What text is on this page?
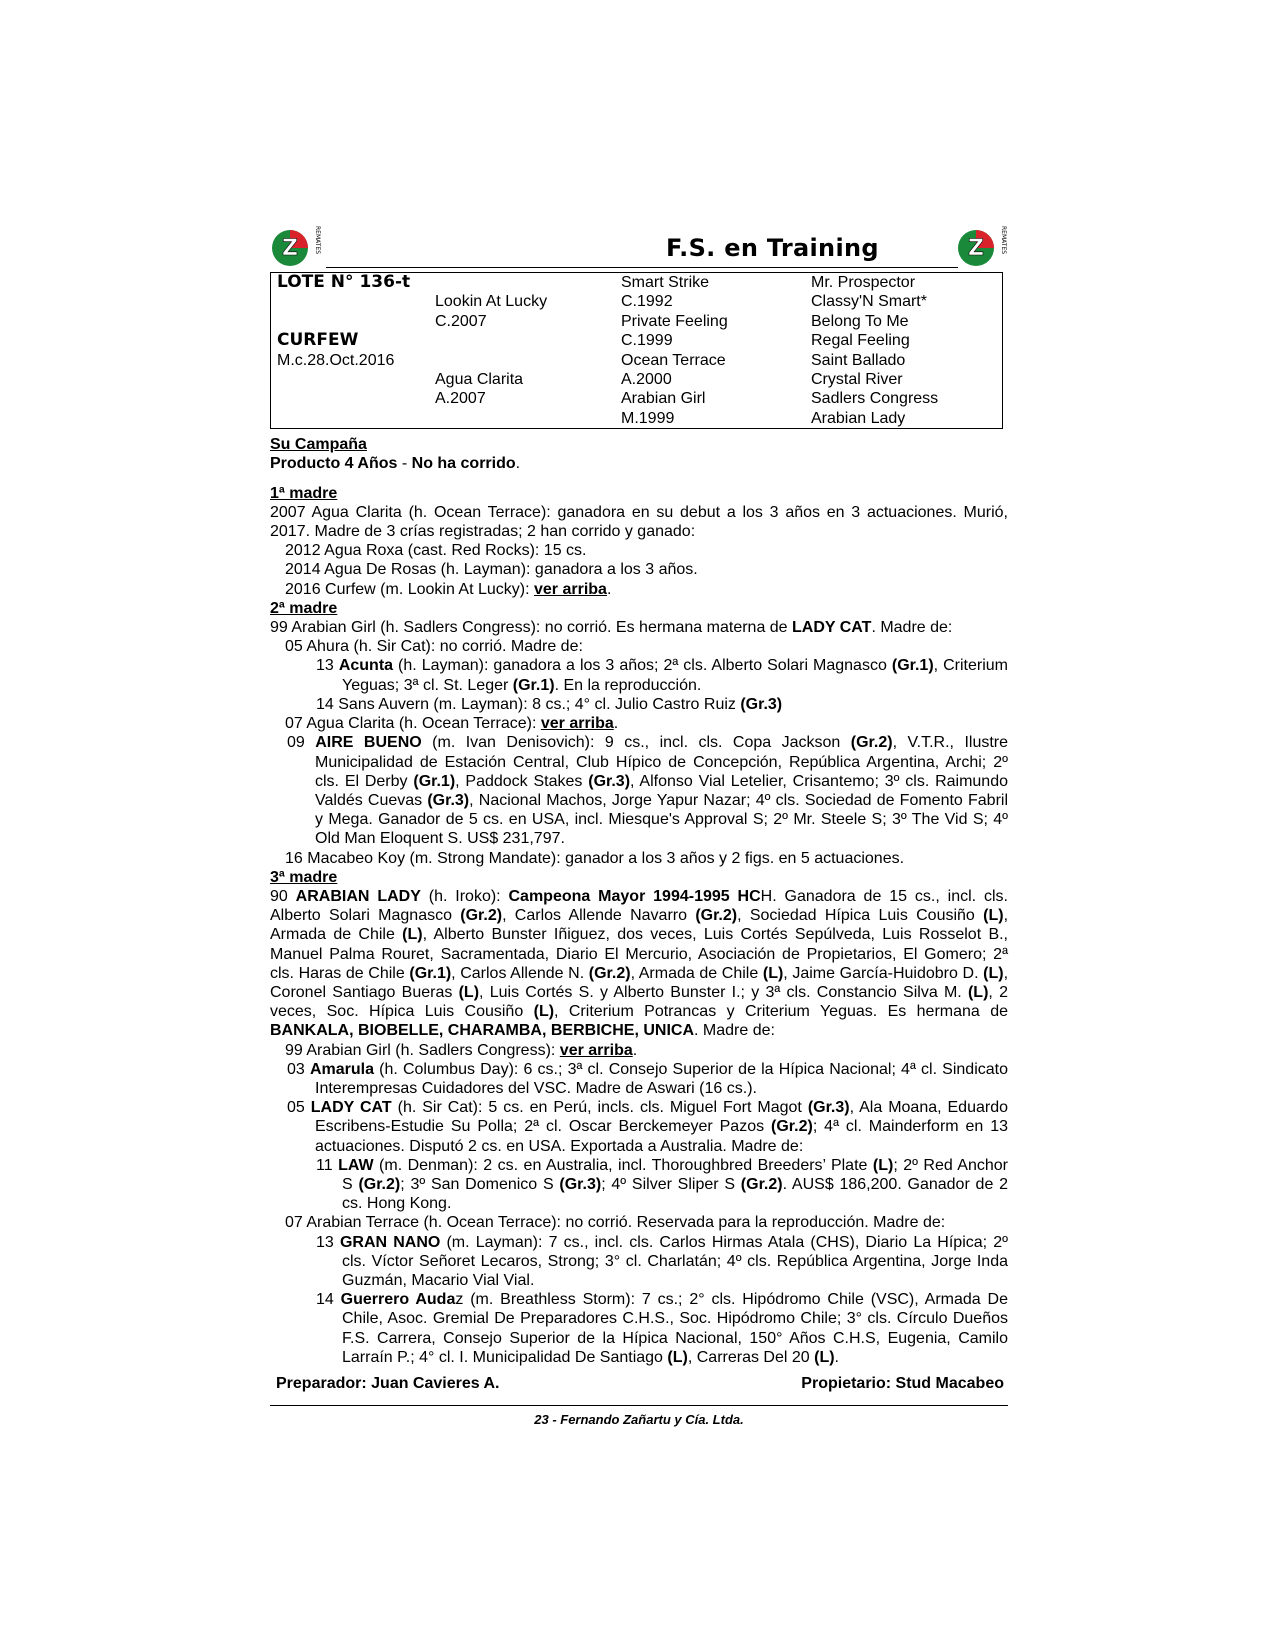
Z	REMATES	F.S. en Training	Z	REMATES
LOTE N° 136-t		Smart Strike	Mr. Prospector
	Lookin At Lucky	C.1992	Classy'N Smart*
	C.2007	Private Feeling	Belong To Me
CURFEW		C.1999	Regal Feeling
M.c.28.Oct.2016		Ocean Terrace	Saint Ballado
	Agua Clarita	A.2000	Crystal River
	A.2007	Arabian Girl	Sadlers Congress
		M.1999	Arabian Lady
Su Campaña
Producto 4 Años - No ha corrido.
1ª madre
2007 Agua Clarita (h. Ocean Terrace): ganadora en su debut a los 3 años en 3 actuaciones. Murió, 2017. Madre de 3 crías registradas; 2 han corrido y ganado:
2012 Agua Roxa (cast. Red Rocks): 15 cs.
2014 Agua De Rosas (h. Layman): ganadora a los 3 años.
2016 Curfew (m. Lookin At Lucky): ver arriba.
2ª madre
99 Arabian Girl (h. Sadlers Congress): no corrió. Es hermana materna de LADY CAT. Madre de:
05 Ahura (h. Sir Cat): no corrió. Madre de:
13 Acunta (h. Layman): ganadora a los 3 años; 2ª cls. Alberto Solari Magnasco (Gr.1), Criterium Yeguas; 3ª cl. St. Leger (Gr.1). En la reproducción.
14 Sans Auvern (m. Layman): 8 cs.; 4° cl. Julio Castro Ruiz (Gr.3)
07 Agua Clarita (h. Ocean Terrace): ver arriba.
09 AIRE BUENO (m. Ivan Denisovich): 9 cs., incl. cls. Copa Jackson (Gr.2), V.T.R., Ilustre Municipalidad de Estación Central, Club Hípico de Concepción, República Argentina, Archi; 2º cls. El Derby (Gr.1), Paddock Stakes (Gr.3), Alfonso Vial Letelier, Crisantemo; 3º cls. Raimundo Valdés Cuevas (Gr.3), Nacional Machos, Jorge Yapur Nazar; 4º cls. Sociedad de Fomento Fabril y Mega. Ganador de 5 cs. en USA, incl. Miesque's Approval S; 2º Mr. Steele S; 3º The Vid S; 4º Old Man Eloquent S. US$ 231,797.
16 Macabeo Koy (m. Strong Mandate): ganador a los 3 años y 2 figs. en 5 actuaciones.
3ª madre
90 ARABIAN LADY (h. Iroko): Campeona Mayor 1994-1995 HCH. Ganadora de 15 cs., incl. cls. Alberto Solari Magnasco (Gr.2), Carlos Allende Navarro (Gr.2), Sociedad Hípica Luis Cousiño (L), Armada de Chile (L), Alberto Bunster Iñiguez, dos veces, Luis Cortés Sepúlveda, Luis Rosselot B., Manuel Palma Rouret, Sacramentada, Diario El Mercurio, Asociación de Propietarios, El Gomero; 2ª cls. Haras de Chile (Gr.1), Carlos Allende N. (Gr.2), Armada de Chile (L), Jaime García-Huidobro D. (L), Coronel Santiago Bueras (L), Luis Cortés S. y Alberto Bunster I.; y 3ª cls. Constancio Silva M. (L), 2 veces, Soc. Hípica Luis Cousiño (L), Criterium Potrancas y Criterium Yeguas. Es hermana de BANKALA, BIOBELLE, CHARAMBA, BERBICHE, UNICA. Madre de:
99 Arabian Girl (h. Sadlers Congress): ver arriba.
03 Amarula (h. Columbus Day): 6 cs.; 3ª cl. Consejo Superior de la Hípica Nacional; 4ª cl. Sindicato Interempresas Cuidadores del VSC. Madre de Aswari (16 cs.).
05 LADY CAT (h. Sir Cat): 5 cs. en Perú, incls. cls. Miguel Fort Magot (Gr.3), Ala Moana, Eduardo Escribens-Estudie Su Polla; 2ª cl. Oscar Berckemeyer Pazos (Gr.2); 4ª cl. Mainderform en 13 actuaciones. Disputó 2 cs. en USA. Exportada a Australia. Madre de:
11 LAW (m. Denman): 2 cs. en Australia, incl. Thoroughbred Breeders’ Plate (L); 2º Red Anchor S (Gr.2); 3º San Domenico S (Gr.3); 4º Silver Sliper S (Gr.2). AUS$ 186,200. Ganador de 2 cs. Hong Kong.
07 Arabian Terrace (h. Ocean Terrace): no corrió. Reservada para la reproducción. Madre de:
13 GRAN NANO (m. Layman): 7 cs., incl. cls. Carlos Hirmas Atala (CHS), Diario La Hípica; 2º cls. Víctor Señoret Lecaros, Strong; 3° cl. Charlatán; 4º cls. República Argentina, Jorge Inda Guzmán, Macario Vial Vial.
14 Guerrero Audaz (m. Breathless Storm): 7 cs.; 2° cls. Hipódromo Chile (VSC), Armada De Chile, Asoc. Gremial De Preparadores C.H.S., Soc. Hipódromo Chile; 3° cls. Círculo Dueños F.S. Carrera, Consejo Superior de la Hípica Nacional, 150° Años C.H.S, Eugenia, Camilo Larraín P.; 4° cl. I. Municipalidad De Santiago (L), Carreras Del 20 (L).
Preparador: Juan Cavieres A.	Propietario: Stud Macabeo
23 - Fernando Zañartu y Cía. Ltda.
